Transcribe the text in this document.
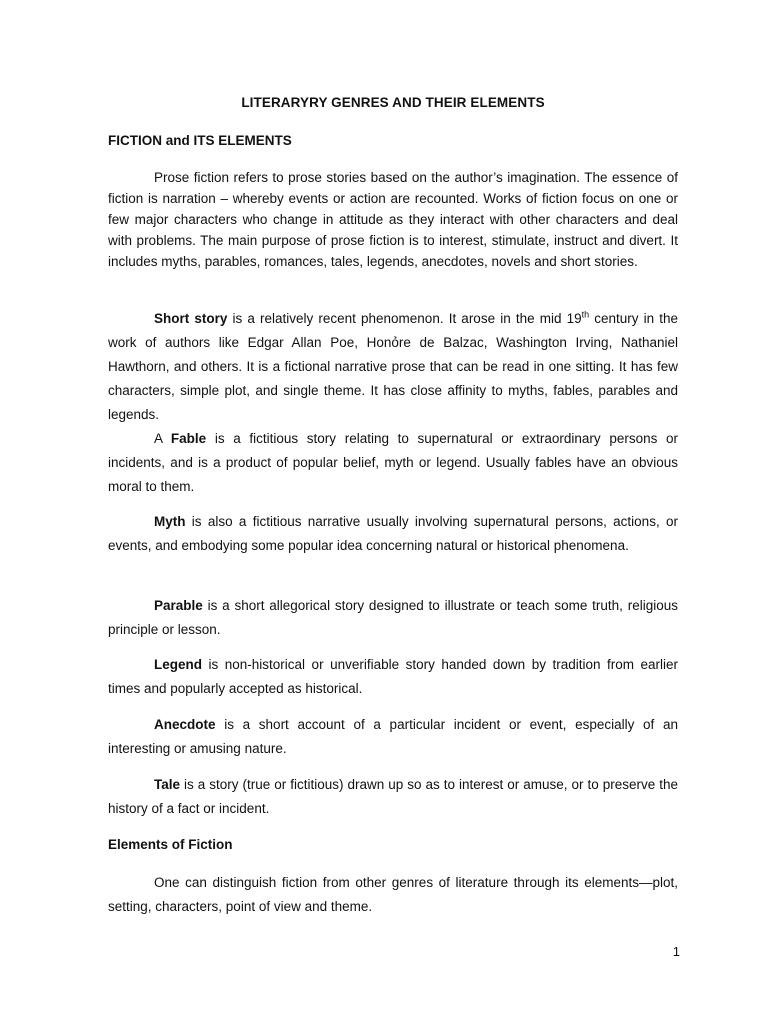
LITERARYRY GENRES AND THEIR ELEMENTS
FICTION and ITS ELEMENTS

Prose fiction refers to prose stories based on the author’s imagination. The essence of fiction is narration – whereby events or action are recounted. Works of fiction focus on one or few major characters who change in attitude as they interact with other characters and deal with problems. The main purpose of prose fiction is to interest, stimulate, instruct and divert. It includes myths, parables, romances, tales, legends, anecdotes, novels and short stories.

Short story is a relatively recent phenomenon. It arose in the mid 19th century in the work of authors like Edgar Allan Poe, Honỏre de Balzac, Washington Irving, Nathaniel Hawthorn, and others. It is a fictional narrative prose that can be read in one sitting. It has few characters, simple plot, and single theme. It has close affinity to myths, fables, parables and legends.

A Fable is a fictitious story relating to supernatural or extraordinary persons or incidents, and is a product of popular belief, myth or legend. Usually fables have an obvious moral to them.

Myth is also a fictitious narrative usually involving supernatural persons, actions, or events, and embodying some popular idea concerning natural or historical phenomena.

Parable is a short allegorical story designed to illustrate or teach some truth, religious principle or lesson.

Legend is non-historical or unverifiable story handed down by tradition from earlier times and popularly accepted as historical.

Anecdote is a short account of a particular incident or event, especially of an interesting or amusing nature.

Tale is a story (true or fictitious) drawn up so as to interest or amuse, or to preserve the history of a fact or incident.

Elements of Fiction

One can distinguish fiction from other genres of literature through its elements—plot, setting, characters, point of view and theme.

1
